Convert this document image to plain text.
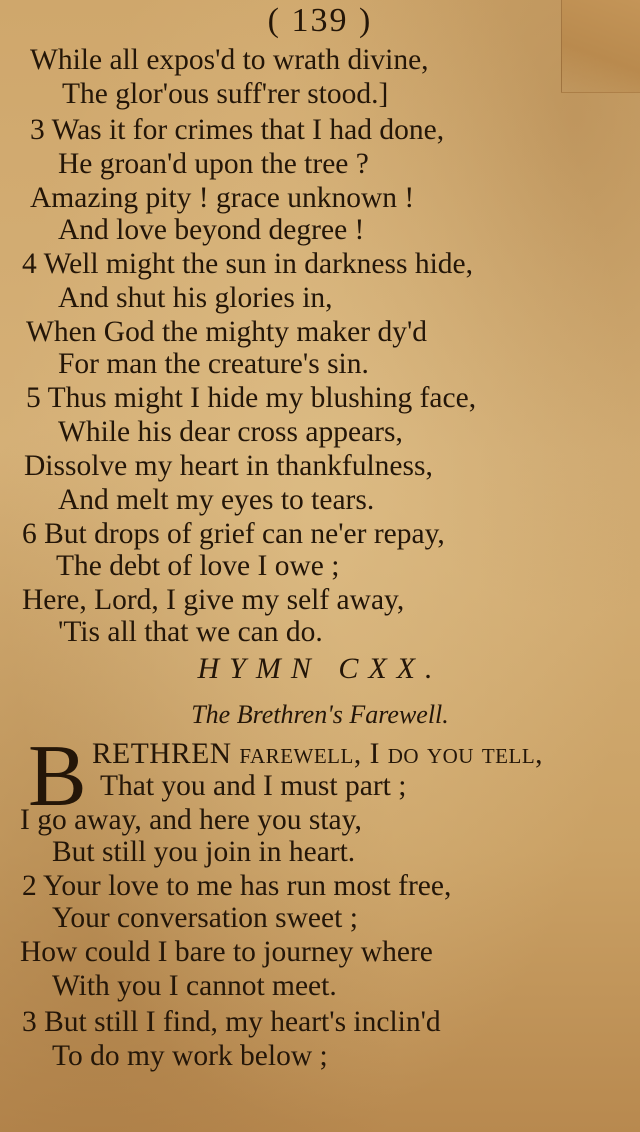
( 139 )
While all expos'd to wrath divine,
The glor'ous suff'rer stood.]
3 Was it for crimes that I had done,
He groan'd upon the tree ?
Amazing pity ! grace unknown !
And love beyond degree !
4 Well might the sun in darkness hide,
And shut his glories in,
When God the mighty maker dy'd
For man the creature's sin.
5 Thus might I hide my blushing face,
While his dear cross appears,
Dissolve my heart in thankfulness,
And melt my eyes to tears.
6 But drops of grief can ne'er repay,
The debt of love I owe ;
Here, Lord, I give my self away,
'Tis all that we can do.
HYMN CXX.
The Brethren's Farewell.
B RETHREN farewell, I do you tell,
That you and I must part ;
I go away, and here you stay,
But still you join in heart.
2 Your love to me has run most free,
Your conversation sweet ;
How could I bare to journey where
With you I cannot meet.
3 But still I find, my heart's inclin'd
To do my work below ;
